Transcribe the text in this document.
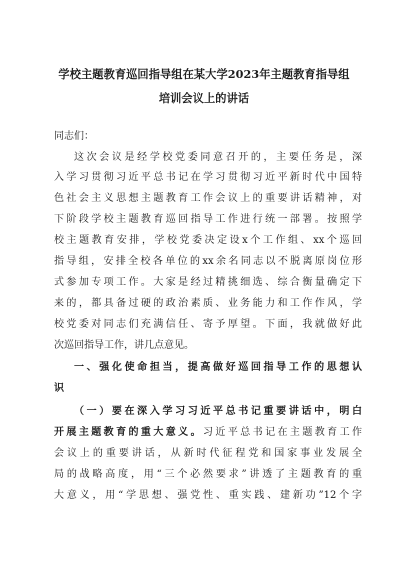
学校主题教育巡回指导组在某大学2023年主题教育指导组
培训会议上的讲话
同志们：
这次会议是经学校党委同意召开的，主要任务是，深
入学习贯彻习近平总书记在学习贯彻习近平新时代中国特
色社会主义思想主题教育工作会议上的重要讲话精神，对
下阶段学校主题教育巡回指导工作进行统一部署。按照学
校主题教育安排，学校党委决定设x个工作组、xx个巡回
指导组，安排全校各单位的xx余名同志以不脱离原岗位形
式参加专项工作。大家是经过精挑细选、综合衡量确定下
来的，都具备过硬的政治素质、业务能力和工作作风，学
校党委对同志们充满信任、寄予厚望。下面，我就做好此
次巡回指导工作，讲几点意见。
一、强化使命担当，提高做好巡回指导工作的思想认
识
（一）要在深入学习习近平总书记重要讲话中，明白
开展主题教育的重大意义。习近平总书记在主题教育工作
会议上的重要讲话，从新时代征程党和国家事业发展全
局的战略高度，用“三个必然要求”讲透了主题教育的重
大意义，用“学思想、强党性、重实践、建新功”12个字
